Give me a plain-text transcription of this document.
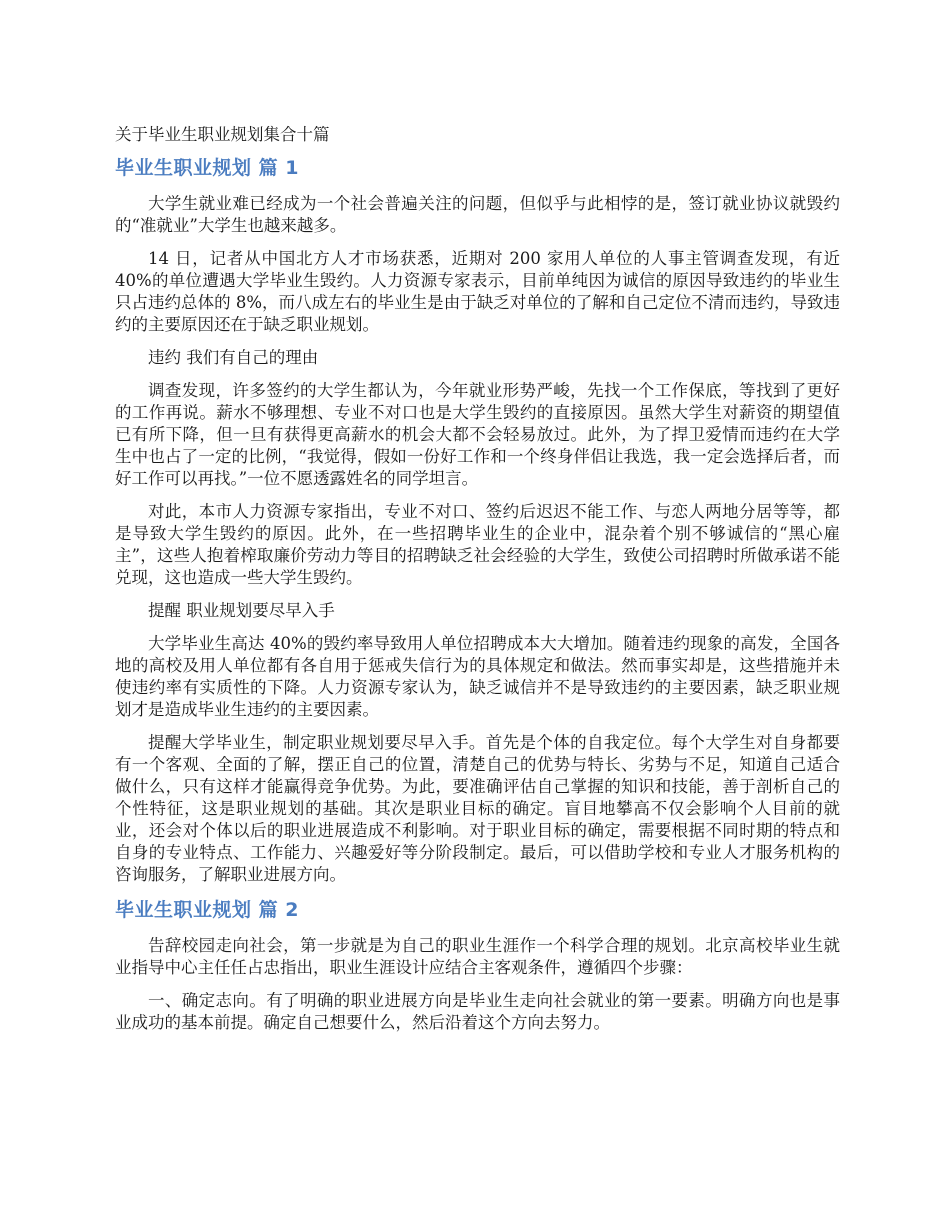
关于毕业生职业规划集合十篇
毕业生职业规划 篇 1

大学生就业难已经成为一个社会普遍关注的问题，但似乎与此相悖的是，签订就业协议就毁约的“准就业”大学生也越来越多。

14 日，记者从中国北方人才市场获悉，近期对 200 家用人单位的人事主管调查发现，有近 40%的单位遭遇大学毕业生毁约。人力资源专家表示，目前单纯因为诚信的原因导致违约的毕业生只占违约总体的 8%，而八成左右的毕业生是由于缺乏对单位的了解和自己定位不清而违约，导致违约的主要原因还在于缺乏职业规划。

违约 我们有自己的理由

调查发现，许多签约的大学生都认为，今年就业形势严峻，先找一个工作保底，等找到了更好的工作再说。薪水不够理想、专业不对口也是大学生毁约的直接原因。虽然大学生对薪资的期望值已有所下降，但一旦有获得更高薪水的机会大都不会轻易放过。此外，为了捍卫爱情而违约在大学生中也占了一定的比例，“我觉得，假如一份好工作和一个终身伴侣让我选，我一定会选择后者，而好工作可以再找。”一位不愿透露姓名的同学坦言。

对此，本市人力资源专家指出，专业不对口、签约后迟迟不能工作、与恋人两地分居等等，都是导致大学生毁约的原因。此外，在一些招聘毕业生的企业中，混杂着个别不够诚信的“黑心雇主”，这些人抱着榨取廉价劳动力等目的招聘缺乏社会经验的大学生，致使公司招聘时所做承诺不能兑现，这也造成一些大学生毁约。

提醒 职业规划要尽早入手

大学毕业生高达 40%的毁约率导致用人单位招聘成本大大增加。随着违约现象的高发，全国各地的高校及用人单位都有各自用于惩戒失信行为的具体规定和做法。然而事实却是，这些措施并未使违约率有实质性的下降。人力资源专家认为，缺乏诚信并不是导致违约的主要因素，缺乏职业规划才是造成毕业生违约的主要因素。

提醒大学毕业生，制定职业规划要尽早入手。首先是个体的自我定位。每个大学生对自身都要有一个客观、全面的了解，摆正自己的位置，清楚自己的优势与特长、劣势与不足，知道自己适合做什么，只有这样才能赢得竞争优势。为此，要准确评估自己掌握的知识和技能，善于剖析自己的个性特征，这是职业规划的基础。其次是职业目标的确定。盲目地攀高不仅会影响个人目前的就业，还会对个体以后的职业进展造成不利影响。对于职业目标的确定，需要根据不同时期的特点和自身的专业特点、工作能力、兴趣爱好等分阶段制定。最后，可以借助学校和专业人才服务机构的咨询服务，了解职业进展方向。

毕业生职业规划 篇 2

告辞校园走向社会，第一步就是为自己的职业生涯作一个科学合理的规划。北京高校毕业生就业指导中心主任任占忠指出，职业生涯设计应结合主客观条件，遵循四个步骤：

一、确定志向。有了明确的职业进展方向是毕业生走向社会就业的第一要素。明确方向也是事业成功的基本前提。确定自己想要什么，然后沿着这个方向去努力。
